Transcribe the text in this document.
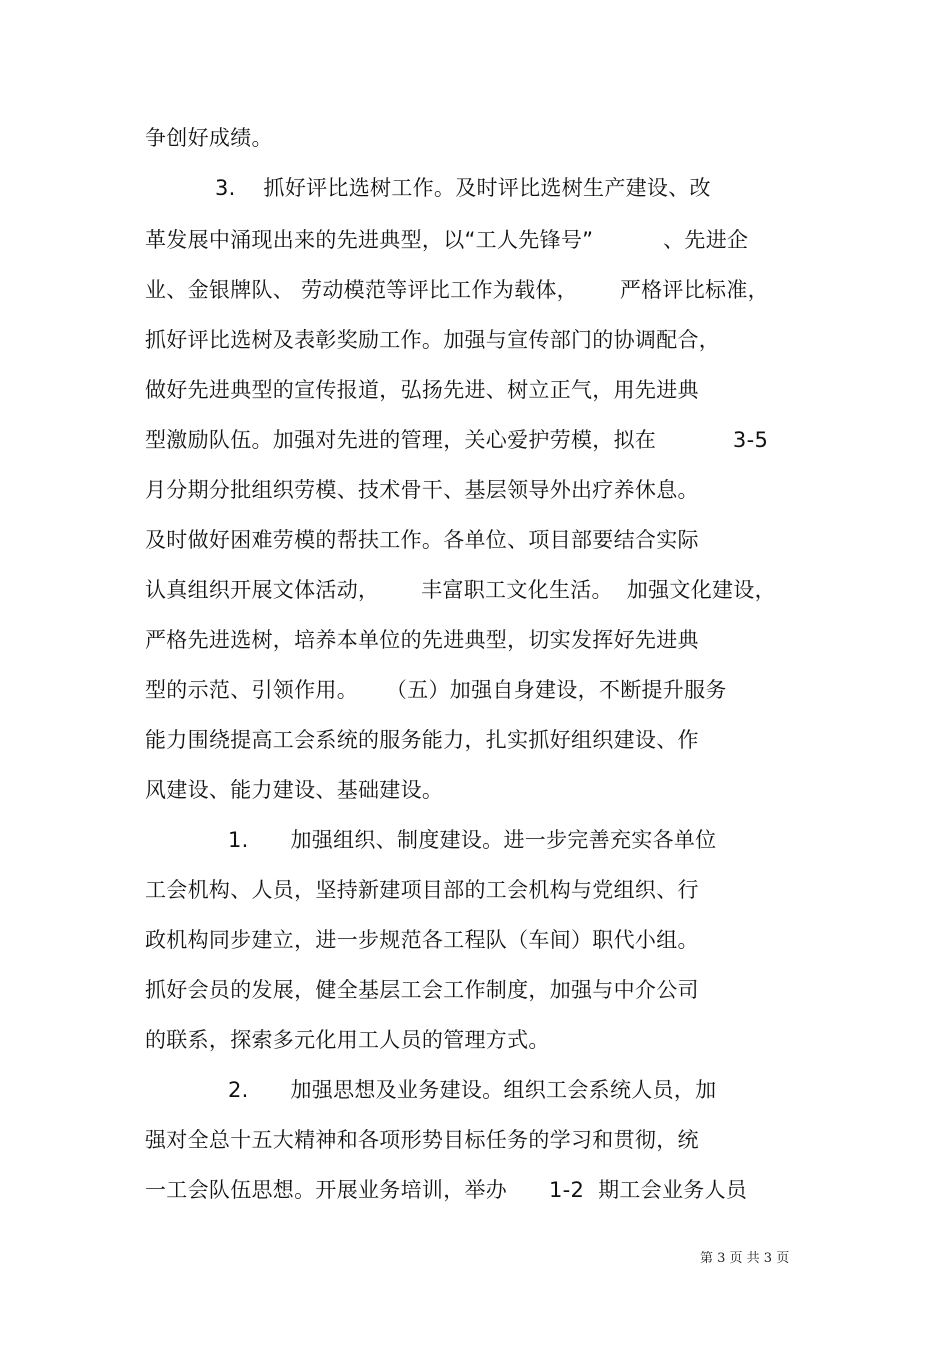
争创好成绩。
3.    抓好评比选树工作。及时评比选树生产建设、改
革发展中涌现出来的先进典型，以“工人先锋号”          、先进企
业、金银牌队、 劳动模范等评比工作为载体，      严格评比标准，
抓好评比选树及表彰奖励工作。加强与宣传部门的协调配合，
做好先进典型的宣传报道，弘扬先进、树立正气，用先进典
型激励队伍。加强对先进的管理，关心爱护劳模，拟在           3-5
月分期分批组织劳模、技术骨干、基层领导外出疗养休息。
及时做好困难劳模的帮扶工作。各单位、项目部要结合实际
认真组织开展文体活动，      丰富职工文化生活。  加强文化建设，
严格先进选树，培养本单位的先进典型，切实发挥好先进典
型的示范、引领作用。    （五）加强自身建设，不断提升服务
能力围绕提高工会系统的服务能力，扎实抓好组织建设、作
风建设、能力建设、基础建设。
1.      加强组织、制度建设。进一步完善充实各单位
工会机构、人员，坚持新建项目部的工会机构与党组织、行
政机构同步建立，进一步规范各工程队（车间）职代小组。
抓好会员的发展，健全基层工会工作制度，加强与中介公司
的联系，探索多元化用工人员的管理方式。
2.      加强思想及业务建设。组织工会系统人员，加
强对全总十五大精神和各项形势目标任务的学习和贯彻，统
一工会队伍思想。开展业务培训，举办      1-2  期工会业务人员
第 3 页 共 3 页
